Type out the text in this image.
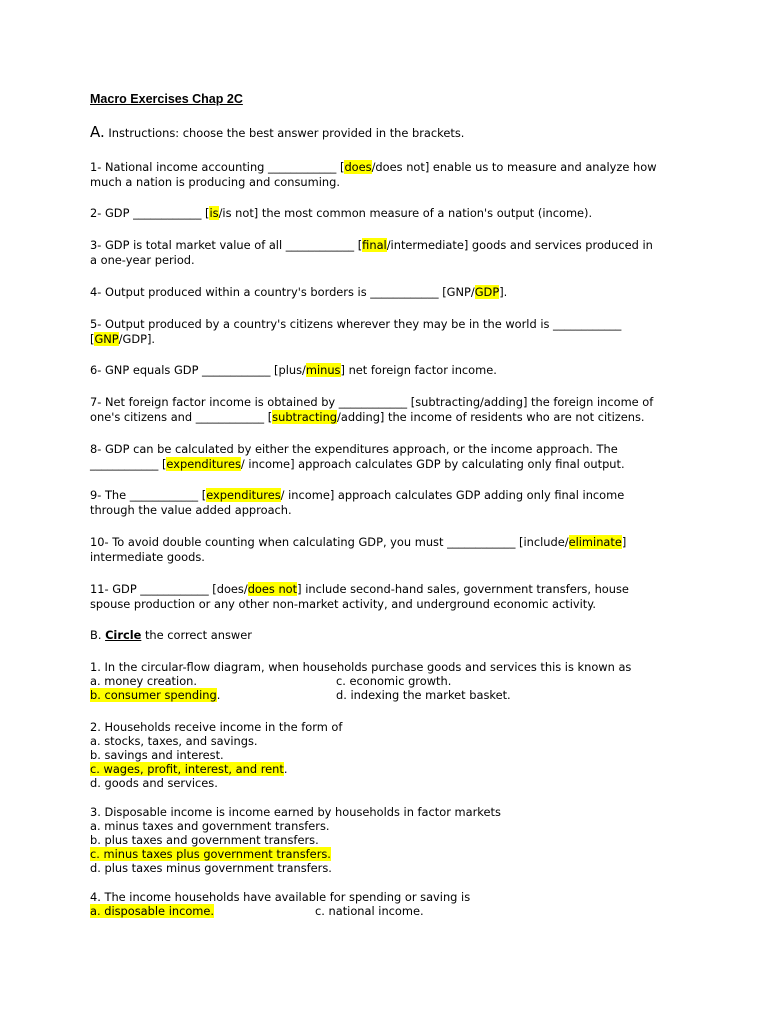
Macro Exercises Chap 2C
A. Instructions: choose the best answer provided in the brackets.
1- National income accounting ____________ [does/does not] enable us to measure and analyze how
much a nation is producing and consuming.
2- GDP ____________ [is/is not] the most common measure of a nation's output (income).
3- GDP is total market value of all ____________ [final/intermediate] goods and services produced in
a one-year period.
4- Output produced within a country's borders is ____________ [GNP/GDP].
5- Output produced by a country's citizens wherever they may be in the world is ____________
[GNP/GDP].
6- GNP equals GDP ____________ [plus/minus] net foreign factor income.
7- Net foreign factor income is obtained by ____________ [subtracting/adding] the foreign income of
one's citizens and ____________ [subtracting/adding] the income of residents who are not citizens.
8- GDP can be calculated by either the expenditures approach, or the income approach. The
____________ [expenditures/ income] approach calculates GDP by calculating only final output.
9- The ____________ [expenditures/ income] approach calculates GDP adding only final income
through the value added approach.
10- To avoid double counting when calculating GDP, you must ____________ [include/eliminate]
intermediate goods.
11- GDP ____________ [does/does not] include second-hand sales, government transfers, house
spouse production or any other non-market activity, and underground economic activity.
B. Circle the correct answer
1. In the circular-flow diagram, when households purchase goods and services this is known as
a. money creation.	c. economic growth.
b. consumer spending.	d. indexing the market basket.
2. Households receive income in the form of
a. stocks, taxes, and savings.
b. savings and interest.
c. wages, profit, interest, and rent.
d. goods and services.
3. Disposable income is income earned by households in factor markets
a. minus taxes and government transfers.
b. plus taxes and government transfers.
c. minus taxes plus government transfers.
d. plus taxes minus government transfers.
4. The income households have available for spending or saving is
a. disposable income.	c. national income.
